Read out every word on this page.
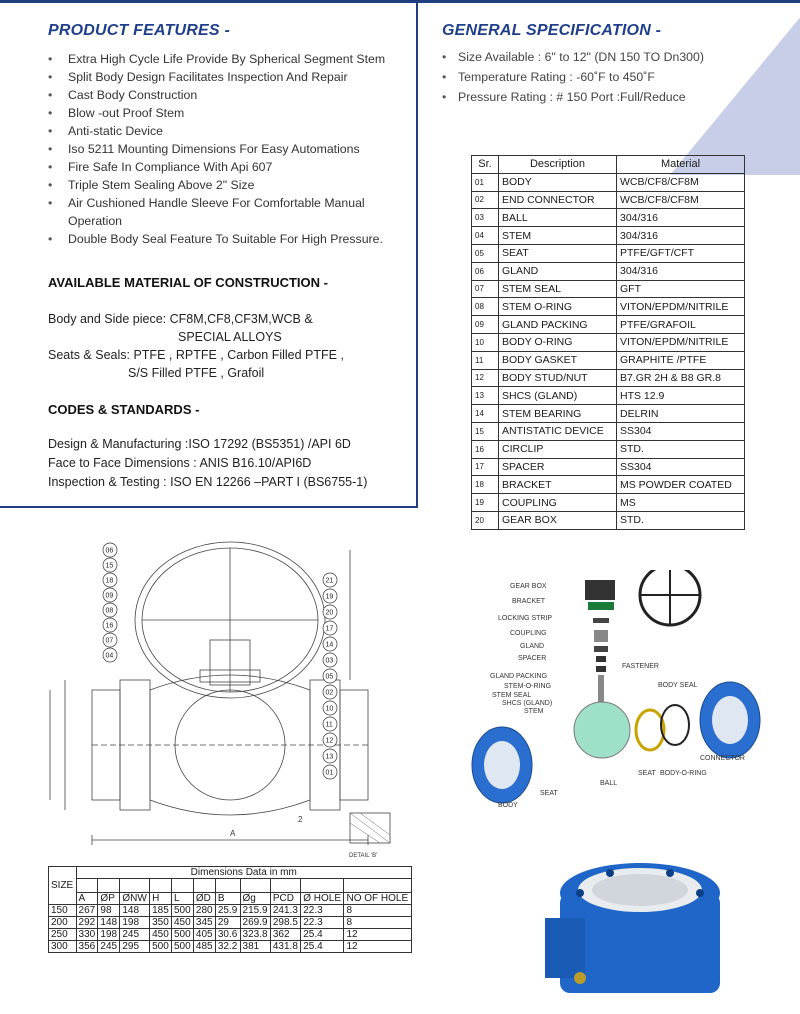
PRODUCT FEATURES -
• Extra High Cycle Life Provide By Spherical Segment Stem
• Split Body Design Facilitates Inspection And Repair
• Cast Body Construction
• Blow -out Proof Stem
• Anti-static Device
• Iso 5211 Mounting Dimensions For Easy Automations
• Fire Safe In Compliance With Api 607
• Triple Stem Sealing Above 2" Size
• Air Cushioned Handle Sleeve For Comfortable Manual Operation
• Double Body Seal Feature To Suitable For High Pressure.
AVAILABLE MATERIAL OF CONSTRUCTION -
Body and Side piece: CF8M,CF8,CF3M,WCB &
SPECIAL ALLOYS
Seats & Seals: PTFE , RPTFE , Carbon Filled PTFE ,
S/S Filled PTFE , Grafoil
CODES & STANDARDS -
Design & Manufacturing :ISO 17292 (BS5351) /API 6D
Face to Face Dimensions : ANIS B16.10/API6D
Inspection & Testing : ISO EN 12266 –PART I (BS6755-1)
GENERAL SPECIFICATION -
• Size Available : 6" to 12" (DN 150 TO Dn300)
• Temperature Rating : -60˚F to 450˚F
• Pressure Rating : # 150 Port :Full/Reduce
Sr.	Description	Material
01	BODY	WCB/CF8/CF8M
02	END CONNECTOR	WCB/CF8/CF8M
03	BALL	304/316
04	STEM	304/316
05	SEAT	PTFE/GFT/CFT
06	GLAND	304/316
07	STEM SEAL	GFT
08	STEM O-RING	VITON/EPDM/NITRILE
09	GLAND PACKING	PTFE/GRAFOIL
10	BODY O-RING	VITON/EPDM/NITRILE
11	BODY GASKET	GRAPHITE /PTFE
12	BODY STUD/NUT	B7.GR 2H & B8 GR.8
13	SHCS (GLAND)	HTS 12.9
14	STEM BEARING	DELRIN
15	ANTISTATIC DEVICE	SS304
16	CIRCLIP	STD.
17	SPACER	SS304
18	BRACKET	MS POWDER COATED
19	COUPLING	MS
20	GEAR BOX	STD.
06
15
18
09
08
16
07
04
21
19
20
17
14
03
05
02
10
11
12
13
01
A
2
DETAIL 'B'
GEAR BOX
BRACKET
LOCKING STRIP
COUPLING
GLAND
SPACER
GLAND PACKING
STEM-O-RING
STEM SEAL
SHCS (GLAND)
STEM
FASTENER
BODY SEAL
CONNECTOR
SEAT BODY-O-RING
BALL
SEAT
BODY
SIZE	Dimensions Data in mm										

	A	ØP	ØNW	H	L	ØD	B	Øg	PCD	Ø HOLE	NO OF HOLE
150	267	98	148	185	500	280	25.9	215.9	241.3	22.3	8
200	292	148	198	350	450	345	29	269.9	298.5	22.3	8
250	330	198	245	450	500	405	30.6	323.8	362	25.4	12
300	356	245	295	500	500	485	32.2	381	431.8	25.4	12
